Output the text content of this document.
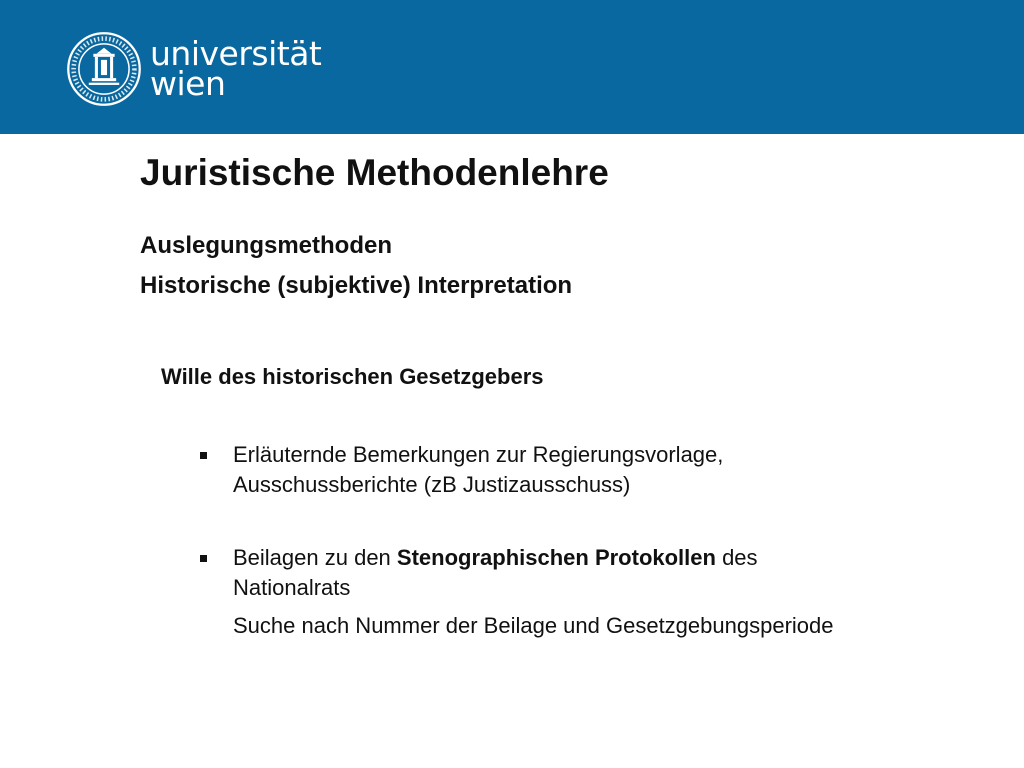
universität
wien
Juristische Methodenlehre
Auslegungsmethoden
Historische (subjektive) Interpretation
Wille des historischen Gesetzgebers
Erläuternde Bemerkungen zur Regierungsvorlage,
Ausschussberichte (zB Justizausschuss)
Beilagen zu den Stenographischen Protokollen des
Nationalrats
Suche nach Nummer der Beilage und Gesetzgebungsperiode
